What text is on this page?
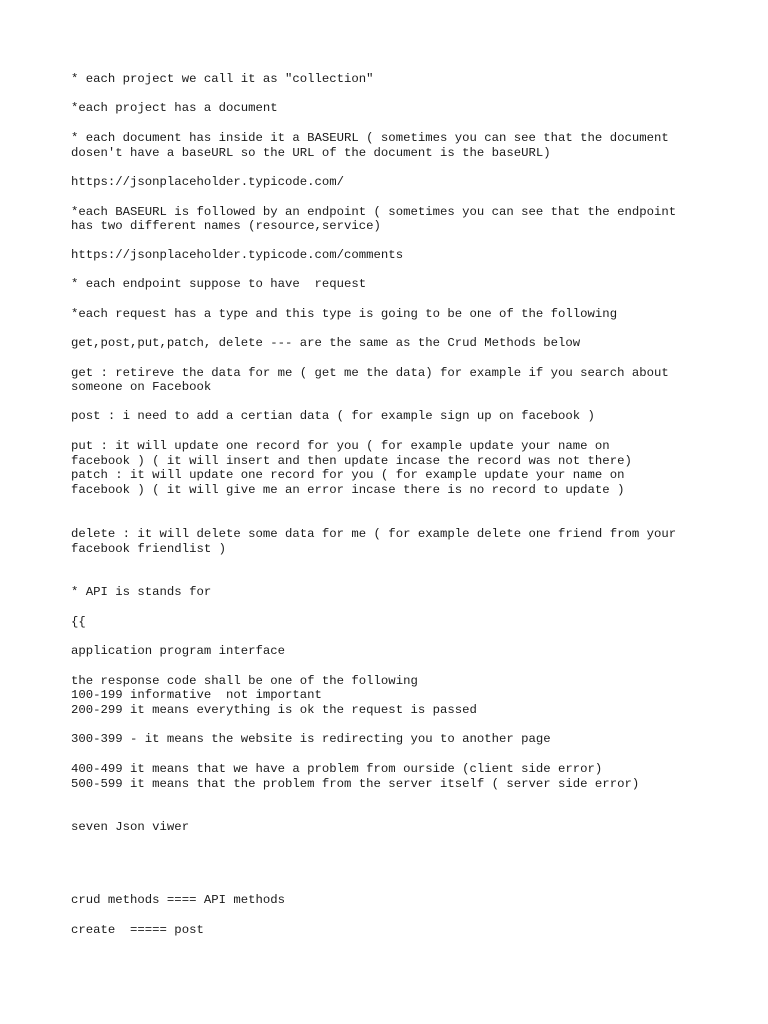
* each project we call it as "collection"

*each project has a document

* each document has inside it a BASEURL ( sometimes you can see that the document

dosen't have a baseURL so the URL of the document is the baseURL)

https://jsonplaceholder.typicode.com/

*each BASEURL is followed by an endpoint ( sometimes you can see that the endpoint

has two different names (resource,service)

https://jsonplaceholder.typicode.com/comments

* each endpoint suppose to have  request

*each request has a type and this type is going to be one of the following

get,post,put,patch, delete --- are the same as the Crud Methods below

get : retireve the data for me ( get me the data) for example if you search about

someone on Facebook

post : i need to add a certian data ( for example sign up on facebook )

put : it will update one record for you ( for example update your name on

facebook ) ( it will insert and then update incase the record was not there)

patch : it will update one record for you ( for example update your name on

facebook ) ( it will give me an error incase there is no record to update )

delete : it will delete some data for me ( for example delete one friend from your

facebook friendlist )

* API is stands for

{{

application program interface

the response code shall be one of the following

100-199 informative  not important

200-299 it means everything is ok the request is passed

300-399 - it means the website is redirecting you to another page

400-499 it means that we have a problem from ourside (client side error)

500-599 it means that the problem from the server itself ( server side error)

seven Json viwer

crud methods ==== API methods

create  ===== post
